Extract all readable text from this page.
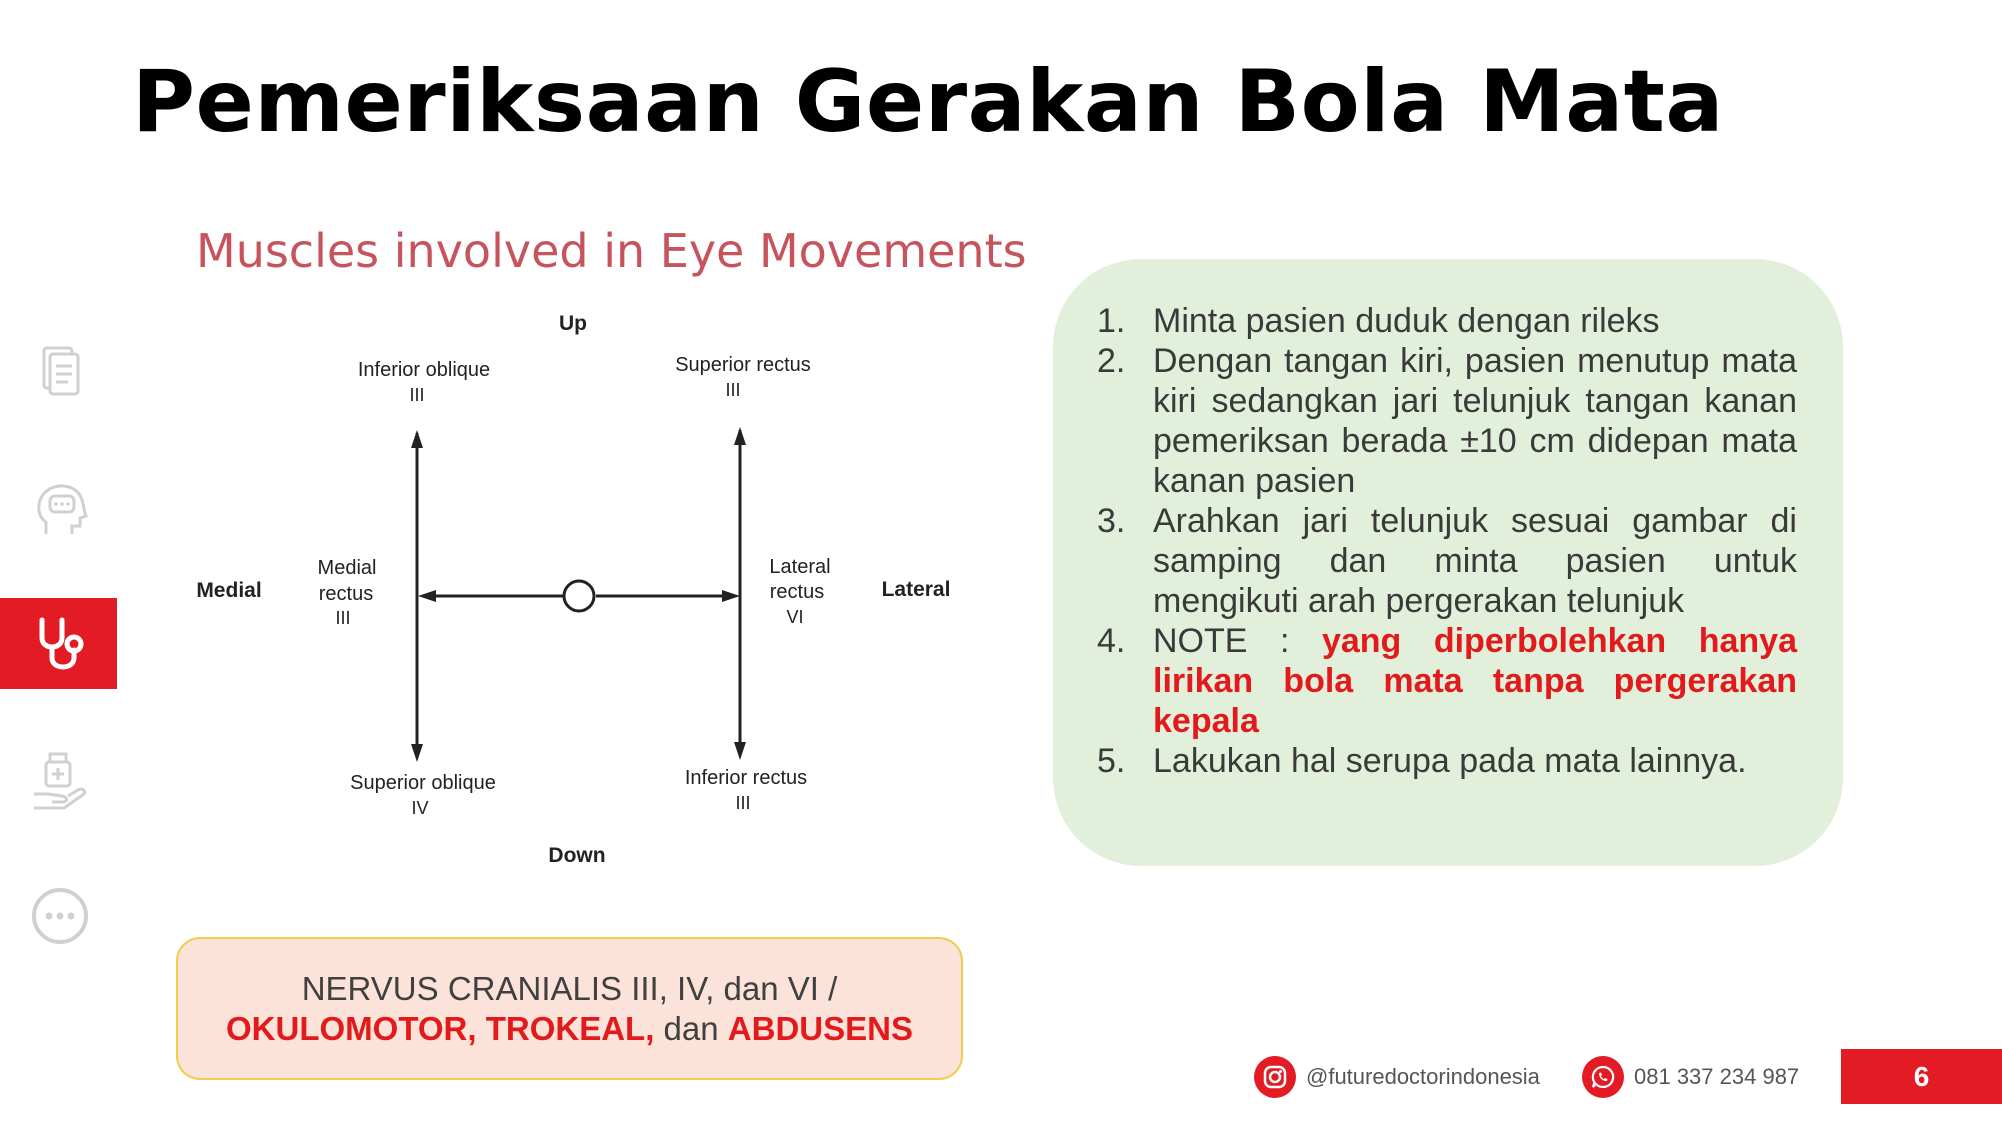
Pemeriksaan Gerakan Bola Mata
Muscles involved in Eye Movements
Up
Down
Medial	Lateral
Inferior oblique
III
Superior rectus
III
Medial
rectus
III
Lateral
rectus
VI
Superior oblique
IV
Inferior rectus
III
1. Minta pasien duduk dengan rileks
2. Dengan tangan kiri, pasien menutup mata kiri sedangkan jari telunjuk tangan kanan pemeriksan berada ±10 cm didepan mata kanan pasien
3. Arahkan jari telunjuk sesuai gambar di samping dan minta pasien untuk mengikuti arah pergerakan telunjuk
4. NOTE : yang diperbolehkan hanya lirikan bola mata tanpa pergerakan kepala
5. Lakukan hal serupa pada mata lainnya.
NERVUS CRANIALIS III, IV, dan VI /
OKULOMOTOR, TROKEAL, dan ABDUSENS
@futuredoctorindonesia	081 337 234 987	6
